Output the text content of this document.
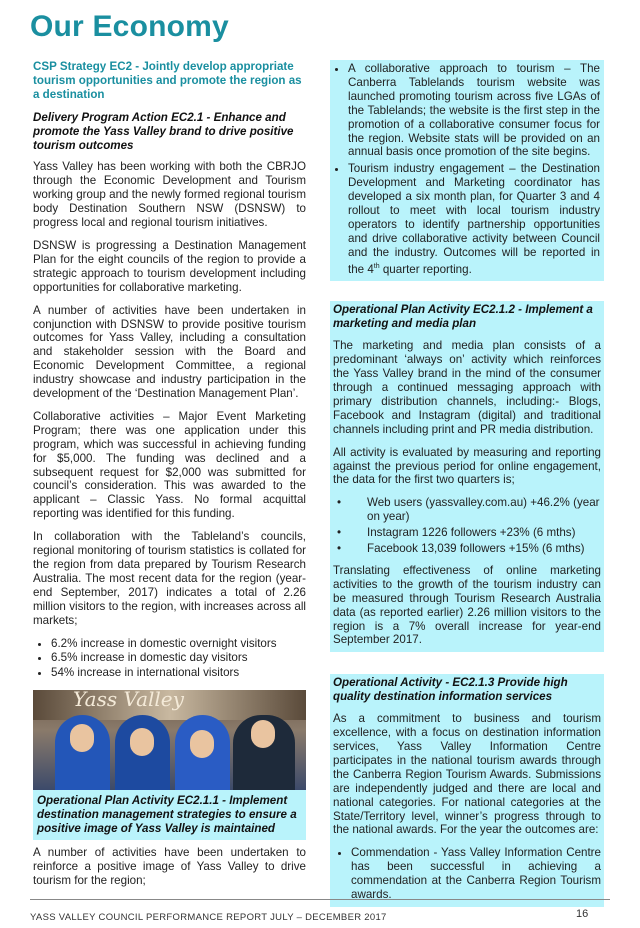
Our Economy
CSP Strategy EC2 - Jointly develop appropriate tourism opportunities and promote the region as a destination
Delivery Program Action EC2.1 - Enhance and promote the Yass Valley brand to drive positive tourism outcomes

Yass Valley has been working with both the CBRJO through the Economic Development and Tourism working group and the newly formed regional tourism body Destination Southern NSW (DSNSW) to progress local and regional tourism initiatives.

DSNSW is progressing a Destination Management Plan for the eight councils of the region to provide a strategic approach to tourism development including opportunities for collaborative marketing.

A number of activities have been undertaken in conjunction with DSNSW to provide positive tourism outcomes for Yass Valley, including a consultation and stakeholder session with the Board and Economic Development Committee, a regional industry showcase and industry participation in the development of the ‘Destination Management Plan’.

Collaborative activities – Major Event Marketing Program; there was one application under this program, which was successful in achieving funding for $5,000. The funding was declined and a subsequent request for $2,000 was submitted for council’s consideration. This was awarded to the applicant – Classic Yass. No formal acquittal reporting was identified for this funding.

In collaboration with the Tableland’s councils, regional monitoring of tourism statistics is collated for the region from data prepared by Tourism Research Australia. The most recent data for the region (year-end September, 2017) indicates a total of 2.26 million visitors to the region, with increases across all markets;

• 6.2% increase in domestic overnight visitors
• 6.5% increase in domestic day visitors
• 54% increase in international visitors
Yass Valley
Operational Plan Activity EC2.1.1 - Implement destination management strategies to ensure a positive image of Yass Valley is maintained

A number of activities have been undertaken to reinforce a positive image of Yass Valley to drive tourism for the region;

• A collaborative approach to tourism – The Canberra Tablelands tourism website was launched promoting tourism across five LGAs of the Tablelands; the website is the first step in the promotion of a collaborative consumer focus for the region. Website stats will be provided on an annual basis once promotion of the site begins.
• Tourism industry engagement – the Destination Development and Marketing coordinator has developed a six month plan, for Quarter 3 and 4 rollout to meet with local tourism industry operators to identify partnership opportunities and drive collaborative activity between Council and the industry. Outcomes will be reported in the 4th quarter reporting.
Operational Plan Activity EC2.1.2 - Implement a marketing and media plan

The marketing and media plan consists of a predominant ‘always on’ activity which reinforces the Yass Valley brand in the mind of the consumer through a continued messaging approach with primary distribution channels, including:- Blogs, Facebook and Instagram (digital) and traditional channels including print and PR media distribution.

All activity is evaluated by measuring and reporting against the previous period for online engagement, the data for the first two quarters is;

• Web users (yassvalley.com.au) +46.2% (year on year)
• Instagram 1226 followers +23% (6 mths)
• Facebook 13,039 followers +15% (6 mths)

Translating effectiveness of online marketing activities to the growth of the tourism industry can be measured through Tourism Research Australia data (as reported earlier) 2.26 million visitors to the region is a 7% overall increase for year-end September 2017.

Operational Activity - EC2.1.3 Provide high quality destination information services

As a commitment to business and tourism excellence, with a focus on destination information services, Yass Valley Information Centre participates in the national tourism awards through the Canberra Region Tourism Awards. Submissions are independently judged and there are local and national categories. For national categories at the State/Territory level, winner’s progress through to the national awards. For the year the outcomes are:

• Commendation - Yass Valley Information Centre has been successful in achieving a commendation at the Canberra Region Tourism awards.
YASS VALLEY COUNCIL PERFORMANCE REPORT JULY – DECEMBER 2017	16
